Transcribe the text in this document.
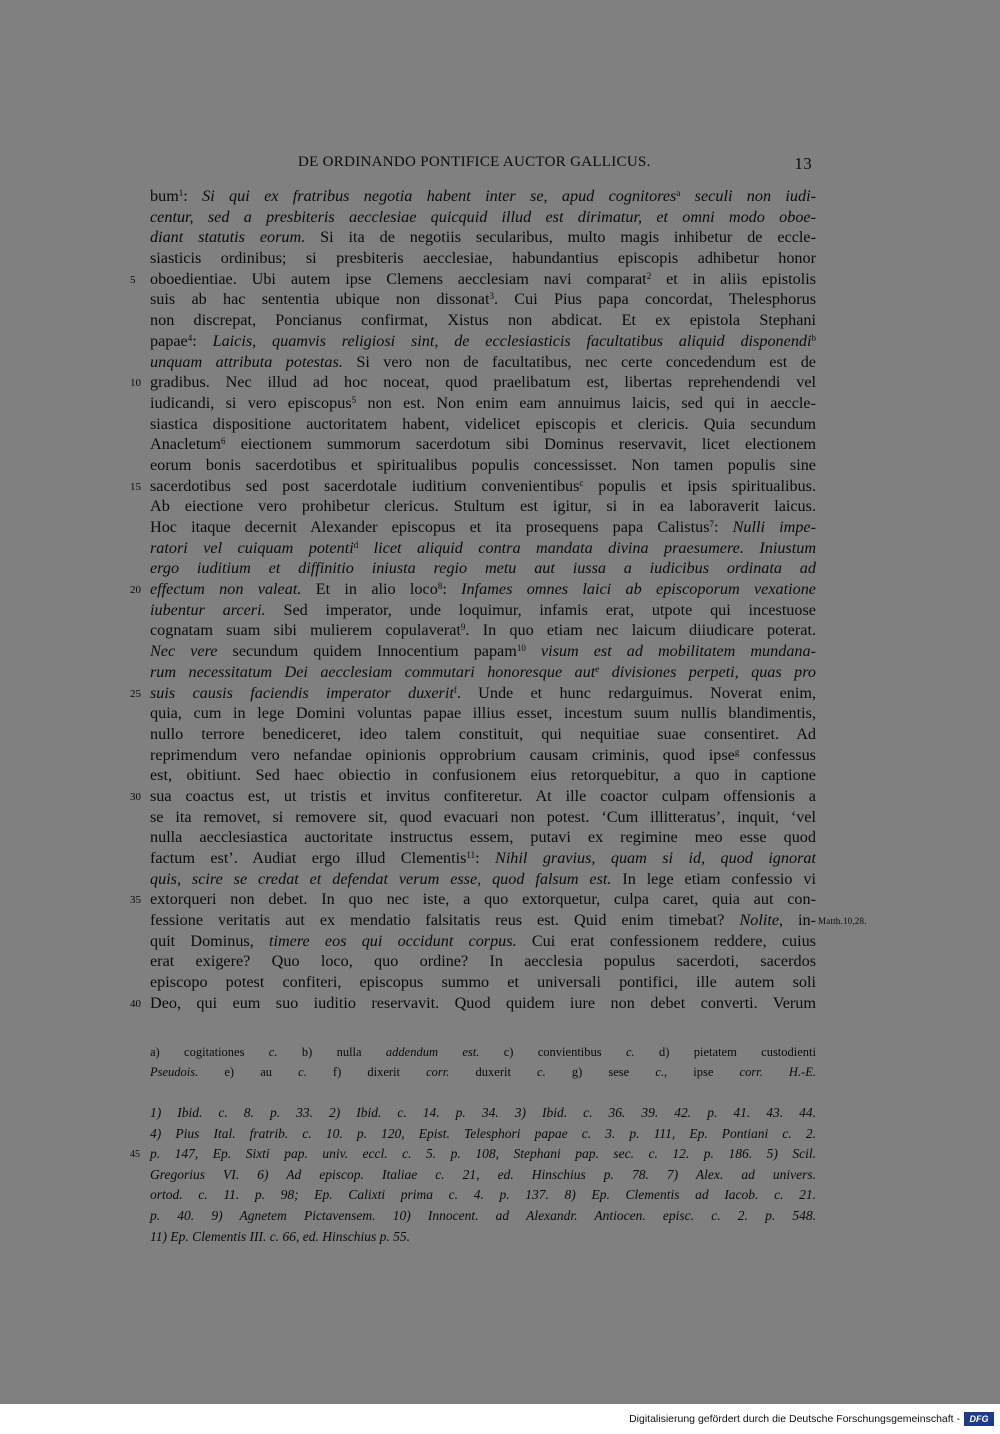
DE ORDINANDO PONTIFICE AUCTOR GALLICUS.	13
bum$^1$: Si qui ex fratribus negotia habent inter se, apud cognitores$^a$ seculi non iudi-
centur, sed a presbiteris aecclesiae quicquid illud est dirimatur, et omni modo oboe-
diant statutis eorum. Si ita de negotiis secularibus, multo magis inhibetur de eccle-
siasticis ordinibus; si presbiteris aecclesiae, habundantius episcopis adhibetur honor
5 oboedientiae. Ubi autem ipse Clemens aecclesiam navi comparat$^2$ et in aliis epistolis
suis ab hac sententia ubique non dissonat$^3$. Cui Pius papa concordat, Thelesphorus
non discrepat, Poncianus confirmat, Xistus non abdicat. Et ex epistola Stephani
papae$^4$: Laicis, quamvis religiosi sint, de ecclesiasticis facultatibus aliquid disponendi$^b$
unquam attributa potestas. Si vero non de facultatibus, nec certe concedendum est de
10 gradibus. Nec illud ad hoc noceat, quod praelibatum est, libertas reprehendendi vel
iudicandi, si vero episcopus$^5$ non est. Non enim eam annuimus laicis, sed qui in aeccle-
siastica dispositione auctoritatem habent, videlicet episcopis et clericis. Quia secundum
Anacletum$^6$ eiectionem summorum sacerdotum sibi Dominus reservavit, licet electionem
eorum bonis sacerdotibus et spiritualibus populis concessisset. Non tamen populis sine
15 sacerdotibus sed post sacerdotale iuditium convenientibus$^c$ populis et ipsis spiritualibus.
Ab eiectione vero prohibetur clericus. Stultum est igitur, si in ea laboraverit laicus.
Hoc itaque decernit Alexander episcopus et ita prosequens papa Calistus$^7$: Nulli impe-
ratori vel cuiquam potenti$^d$ licet aliquid contra mandata divina praesumere. Iniustum
ergo iuditium et diffinitio iniusta regio metu aut iussa a iudicibus ordinata ad
20 effectum non valeat. Et in alio loco$^8$: Infames omnes laici ab episcoporum vexatione
iubentur arceri. Sed imperator, unde loquimur, infamis erat, utpote qui incestuose
cognatam suam sibi mulierem copulaverat$^9$. In quo etiam nec laicum diiudicare poterat.
Nec vere secundum quidem Innocentium papam$^{10}$ visum est ad mobilitatem mundana-
rum necessitatum Dei aecclesiam commutari honoresque aut$^e$ divisiones perpeti, quas pro
25 suis causis faciendis imperator duxerit$^f$. Unde et hunc redarguimus. Noverat enim,
quia, cum in lege Domini voluntas papae illius esset, incestum suum nullis blandimentis,
nullo terrore benediceret, ideo talem constituit, qui nequitiae suae consentiret. Ad
reprimendum vero nefandae opinionis opprobrium causam criminis, quod ipse$^g$ confessus
est, obitiunt. Sed haec obiectio in confusionem eius retorquebitur, a quo in captione
30 sua coactus est, ut tristis et invitus confiteretur. At ille coactor culpam offensionis a
se ita removet, si removere sit, quod evacuari non potest. ‘Cum illitteratus’, inquit, ‘vel
nulla aecclesiastica auctoritate instructus essem, putavi ex regimine meo esse quod
factum est’. Audiat ergo illud Clementis$^{11}$: Nihil gravius, quam si id, quod ignorat
quis, scire se credat et defendat verum esse, quod falsum est. In lege etiam confessio vi
35 extorqueri non debet. In quo nec iste, a quo extorquetur, culpa caret, quia aut con-
fessione veritatis aut ex mendatio falsitatis reus est. Quid enim timebat? Nolite, in- Matth.10,28.
quit Dominus, timere eos qui occidunt corpus. Cui erat confessionem reddere, cuius
erat exigere? Quo loco, quo ordine? In aecclesia populus sacerdoti, sacerdos
episcopo potest confiteri, episcopus summo et universali pontifici, ille autem soli
40 Deo, qui eum suo iuditio reservavit. Quod quidem iure non debet converti. Verum
a) cogitationes c. b) nulla addendum est. c) convientibus c. d) pietatem custodienti
Pseudois. e) au c. f) dixerit corr. duxerit c. g) sese c., ipse corr. H.-E.
1) Ibid. c. 8. p. 33. 2) Ibid. c. 14. p. 34. 3) Ibid. c. 36. 39. 42. p. 41. 43. 44.
4) Pius Ital. fratrib. c. 10. p. 120, Epist. Telesphori papae c. 3. p. 111, Ep. Pontiani c. 2.
45 p. 147, Ep. Sixti pap. univ. eccl. c. 5. p. 108, Stephani pap. sec. c. 12. p. 186. 5) Scil.
Gregorius VI. 6) Ad episcop. Italiae c. 21, ed. Hinschius p. 78. 7) Alex. ad univers.
ortod. c. 11. p. 98; Ep. Calixti prima c. 4. p. 137. 8) Ep. Clementis ad Iacob. c. 21.
p. 40. 9) Agnetem Pictavensem. 10) Innocent. ad Alexandr. Antiocen. episc. c. 2. p. 548.
11) Ep. Clementis III. c. 66, ed. Hinschius p. 55.
Digitalisierung gefördert durch die Deutsche Forschungsgemeinschaft -	DFG
